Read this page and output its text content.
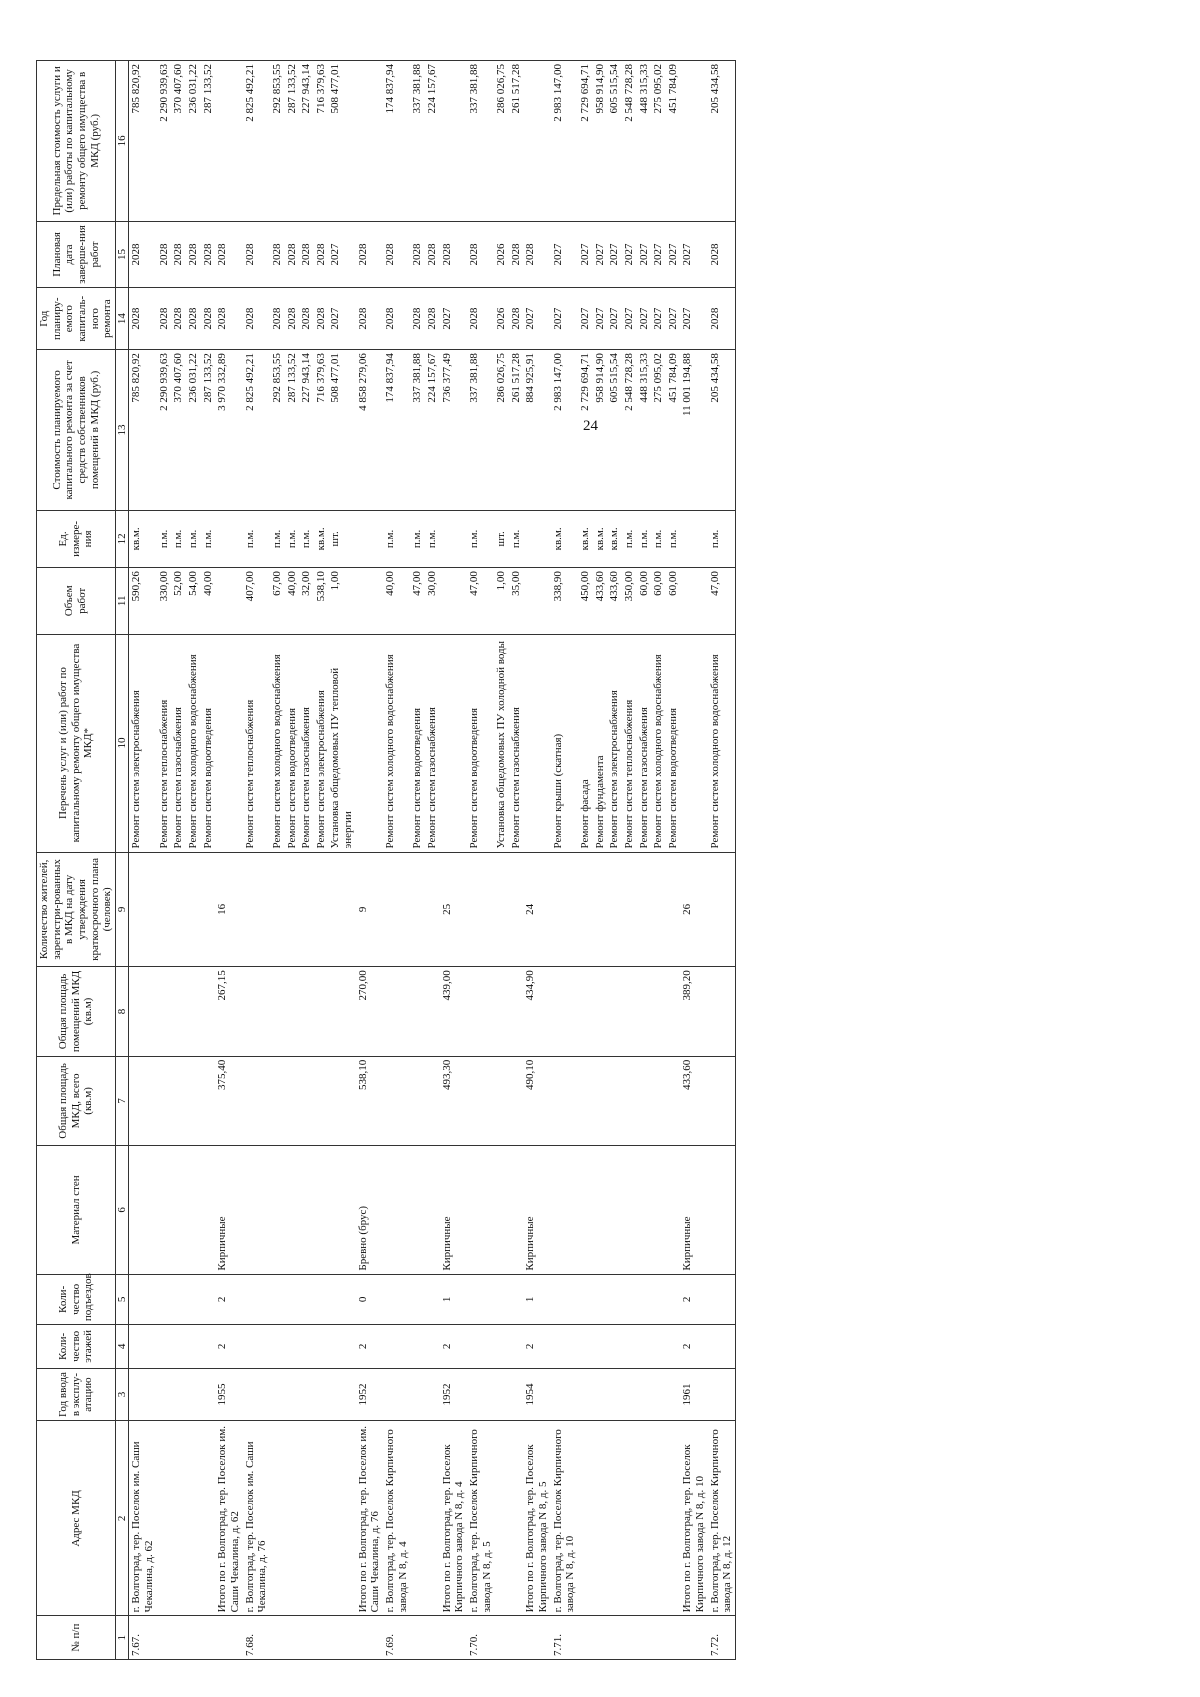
24
№ п/п	Адрес МКД	Год ввода в эксплу-атацию	Коли-чество этажей	Коли-чество подъездов	Материал стен	Общая площадь МКД, всего (кв.м)	Общая площадь помещений МКД (кв.м)	Количество жителей, зарегистри-рованных в МКД на дату утверждения краткосрочного плана (человек)	Перечень услуг и (или) работ по капитальному ремонту общего имущества МКД*	Объем работ	Ед. измере-ния	Стоимость планируемого капитального ремонта за счет средств собственников помещений в МКД (руб.)	Год планиру-емого капиталь-ного ремонта	Плановая дата заверше-ния работ	Предельная стоимость услуги и (или) работы по капитальному ремонту общего имущества в МКД (руб.)
1	2	3	4	5	6	7	8	9	10	11	12	13	14	15	16
7.67.	г. Волгоград, тер. Поселок им. Саши Чекалина, д. 62								Ремонт систем электроснабжения	590,26	кв.м.	785 820,92	2028	2028	785 820,92
									Ремонт систем теплоснабжения	330,00	п.м.	2 290 939,63	2028	2028	2 290 939,63
									Ремонт систем газоснабжения	52,00	п.м.	370 407,60	2028	2028	370 407,60
									Ремонт систем холодного водоснабжения	54,00	п.м.	236 031,22	2028	2028	236 031,22
									Ремонт систем водоотведения	40,00	п.м.	287 133,52	2028	2028	287 133,52
	Итого по г. Волгоград, тер. Поселок им. Саши Чекалина, д. 62	1955	2	2	Кирпичные	375,40	267,15	16				3 970 332,89	2028	2028	
7.68.	г. Волгоград, тер. Поселок им. Саши Чекалина, д. 76								Ремонт систем теплоснабжения	407,00	п.м.	2 825 492,21	2028	2028	2 825 492,21
									Ремонт систем холодного водоснабжения	67,00	п.м.	292 853,55	2028	2028	292 853,55
									Ремонт систем водоотведения	40,00	п.м.	287 133,52	2028	2028	287 133,52
									Ремонт систем газоснабжения	32,00	п.м.	227 943,14	2028	2028	227 943,14
									Ремонт систем электроснабжения	538,10	кв.м.	716 379,63	2028	2028	716 379,63
									Установка общедомовых ПУ тепловой энергии	1,00	шт.	508 477,01	2027	2027	508 477,01
	Итого по г. Волгоград, тер. Поселок им. Саши Чекалина, д. 76	1952	2	0	Бревно (брус)	538,10	270,00	9				4 858 279,06	2028	2028	
7.69.	г. Волгоград, тер. Поселок Кирпичного завода N 8, д. 4								Ремонт систем холодного водоснабжения	40,00	п.м.	174 837,94	2028	2028	174 837,94
									Ремонт систем водоотведения	47,00	п.м.	337 381,88	2028	2028	337 381,88
									Ремонт систем газоснабжения	30,00	п.м.	224 157,67	2028	2028	224 157,67
	Итого по г. Волгоград, тер. Поселок Кирпичного завода N 8, д. 4	1952	2	1	Кирпичные	493,30	439,00	25				736 377,49	2027	2028	
7.70.	г. Волгоград, тер. Поселок Кирпичного завода N 8, д. 5								Ремонт систем водоотведения	47,00	п.м.	337 381,88	2028	2028	337 381,88
									Установка общедомовых ПУ холодной воды	1,00	шт.	286 026,75	2026	2026	286 026,75
									Ремонт систем газоснабжения	35,00	п.м.	261 517,28	2028	2028	261 517,28
	Итого по г. Волгоград, тер. Поселок Кирпичного завода N 8, д. 5	1954	2	1	Кирпичные	490,10	434,90	24				884 925,91	2027	2028	
7.71.	г. Волгоград, тер. Поселок Кирпичного завода N 8, д. 10								Ремонт крыши (скатная)	338,90	кв.м.	2 983 147,00	2027	2027	2 983 147,00
									Ремонт фасада	450,00	кв.м.	2 729 694,71	2027	2027	2 729 694,71
									Ремонт фундамента	433,60	кв.м.	958 914,90	2027	2027	958 914,90
									Ремонт систем электроснабжения	433,60	кв.м.	605 515,54	2027	2027	605 515,54
									Ремонт систем теплоснабжения	350,00	п.м.	2 548 728,28	2027	2027	2 548 728,28
									Ремонт систем газоснабжения	60,00	п.м.	448 315,33	2027	2027	448 315,33
									Ремонт систем холодного водоснабжения	60,00	п.м.	275 095,02	2027	2027	275 095,02
									Ремонт систем водоотведения	60,00	п.м.	451 784,09	2027	2027	451 784,09
	Итого по г. Волгоград, тер. Поселок Кирпичного завода N 8, д. 10	1961	2	2	Кирпичные	433,60	389,20	26				11 001 194,88	2027	2027	
7.72.	г. Волгоград, тер. Поселок Кирпичного завода N 8, д. 12								Ремонт систем холодного водоснабжения	47,00	п.м.	205 434,58	2028	2028	205 434,58
